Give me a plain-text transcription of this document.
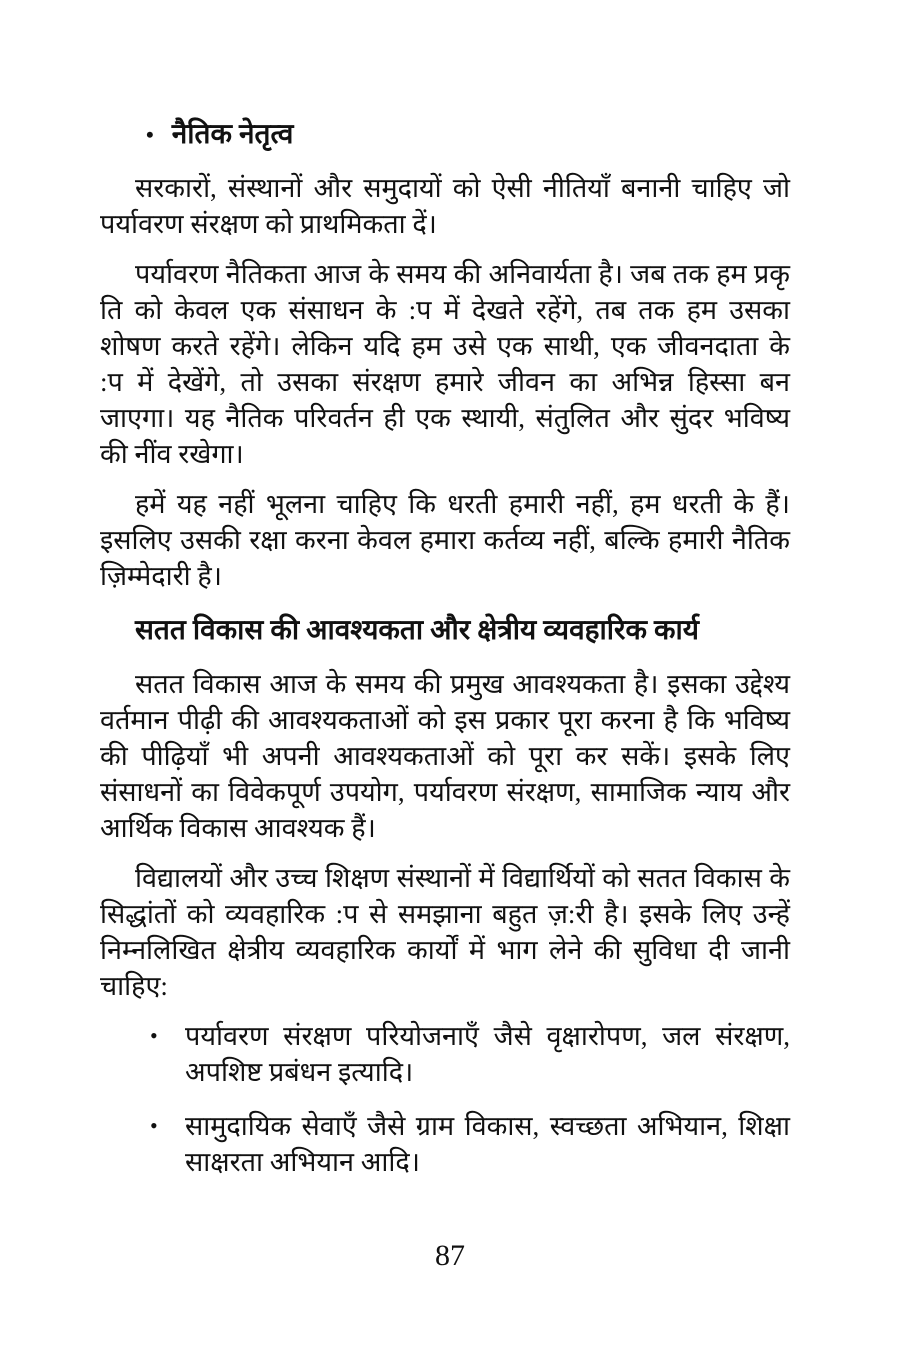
• नैतिक नेतृत्व
सरकारों, संस्थानों और समुदायों को ऐसी नीतियाँ बनानी चाहिए जो
पर्यावरण संरक्षण को प्राथमिकता दें।
पर्यावरण नैतिकता आज के समय की अनिवार्यता है। जब तक हम प्रकृ
ति को केवल एक संसाधन के :प में देखते रहेंगे, तब तक हम उसका
शोषण करते रहेंगे। लेकिन यदि हम उसे एक साथी, एक जीवनदाता के
:प में देखेंगे, तो उसका संरक्षण हमारे जीवन का अभिन्न हिस्सा बन
जाएगा। यह नैतिक परिवर्तन ही एक स्थायी, संतुलित और सुंदर भविष्य
की नींव रखेगा।
हमें यह नहीं भूलना चाहिए कि धरती हमारी नहीं, हम धरती के हैं।
इसलिए उसकी रक्षा करना केवल हमारा कर्तव्य नहीं, बल्कि हमारी नैतिक
ज़िम्मेदारी है।
सतत विकास की आवश्यकता और क्षेत्रीय व्यवहारिक कार्य
सतत विकास आज के समय की प्रमुख आवश्यकता है। इसका उद्देश्य
वर्तमान पीढ़ी की आवश्यकताओं को इस प्रकार पूरा करना है कि भविष्य
की पीढ़ियाँ भी अपनी आवश्यकताओं को पूरा कर सकें। इसके लिए
संसाधनों का विवेकपूर्ण उपयोग, पर्यावरण संरक्षण, सामाजिक न्याय और
आर्थिक विकास आवश्यक हैं।
विद्यालयों और उच्च शिक्षण संस्थानों में विद्यार्थियों को सतत विकास के
सिद्धांतों को व्यवहारिक :प से समझाना बहुत ज़:री है। इसके लिए उन्हें
निम्नलिखित क्षेत्रीय व्यवहारिक कार्यों में भाग लेने की सुविधा दी जानी
चाहिए:
•	पर्यावरण संरक्षण परियोजनाएँ जैसे वृक्षारोपण, जल संरक्षण,
अपशिष्ट प्रबंधन इत्यादि।
•	सामुदायिक सेवाएँ जैसे ग्राम विकास, स्वच्छता अभियान, शिक्षा
साक्षरता अभियान आदि।
87
